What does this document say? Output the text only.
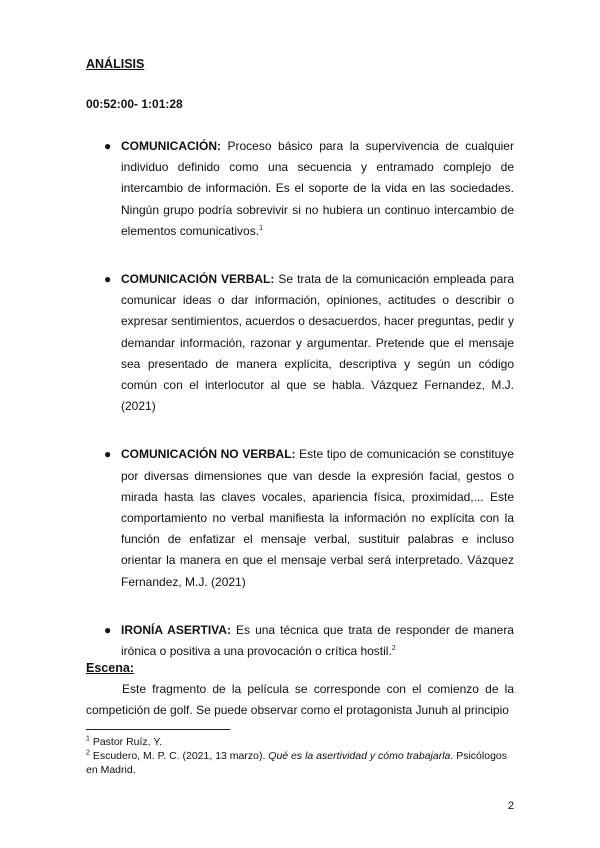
ANÁLISIS
00:52:00- 1:01:28
● COMUNICACIÓN: Proceso básico para la supervivencia de cualquier individuo definido como una secuencia y entramado complejo de intercambio de información. Es el soporte de la vida en las sociedades. Ningún grupo podría sobrevivir si no hubiera un continuo intercambio de elementos comunicativos.$^1$
● COMUNICACIÓN VERBAL: Se trata de la comunicación empleada para comunicar ideas o dar información, opiniones, actitudes o describir o expresar sentimientos, acuerdos o desacuerdos, hacer preguntas, pedir y demandar información, razonar y argumentar. Pretende que el mensaje sea presentado de manera explícita, descriptiva y según un código común con el interlocutor al que se habla. Vázquez Fernandez, M.J. (2021)
● COMUNICACIÓN NO VERBAL: Este tipo de comunicación se constituye por diversas dimensiones que van desde la expresión facial, gestos o mirada hasta las claves vocales, apariencia física, proximidad,... Este comportamiento no verbal manifiesta la información no explícita con la función de enfatizar el mensaje verbal, sustituir palabras e incluso orientar la manera en que el mensaje verbal será interpretado. Vázquez Fernandez, M.J. (2021)
● IRONÍA ASERTIVA: Es una técnica que trata de responder de manera irónica o positiva a una provocación o crítica hostil.$^2$
Escena:
Este fragmento de la película se corresponde con el comienzo de la competición de golf. Se puede observar como el protagonista Junuh al principio
$^1$ Pastor Ruíz, Y.
$^2$ Escudero, M. P. C. (2021, 13 marzo). Qué es la asertividad y cómo trabajarla. Psicólogos en Madrid.
2
